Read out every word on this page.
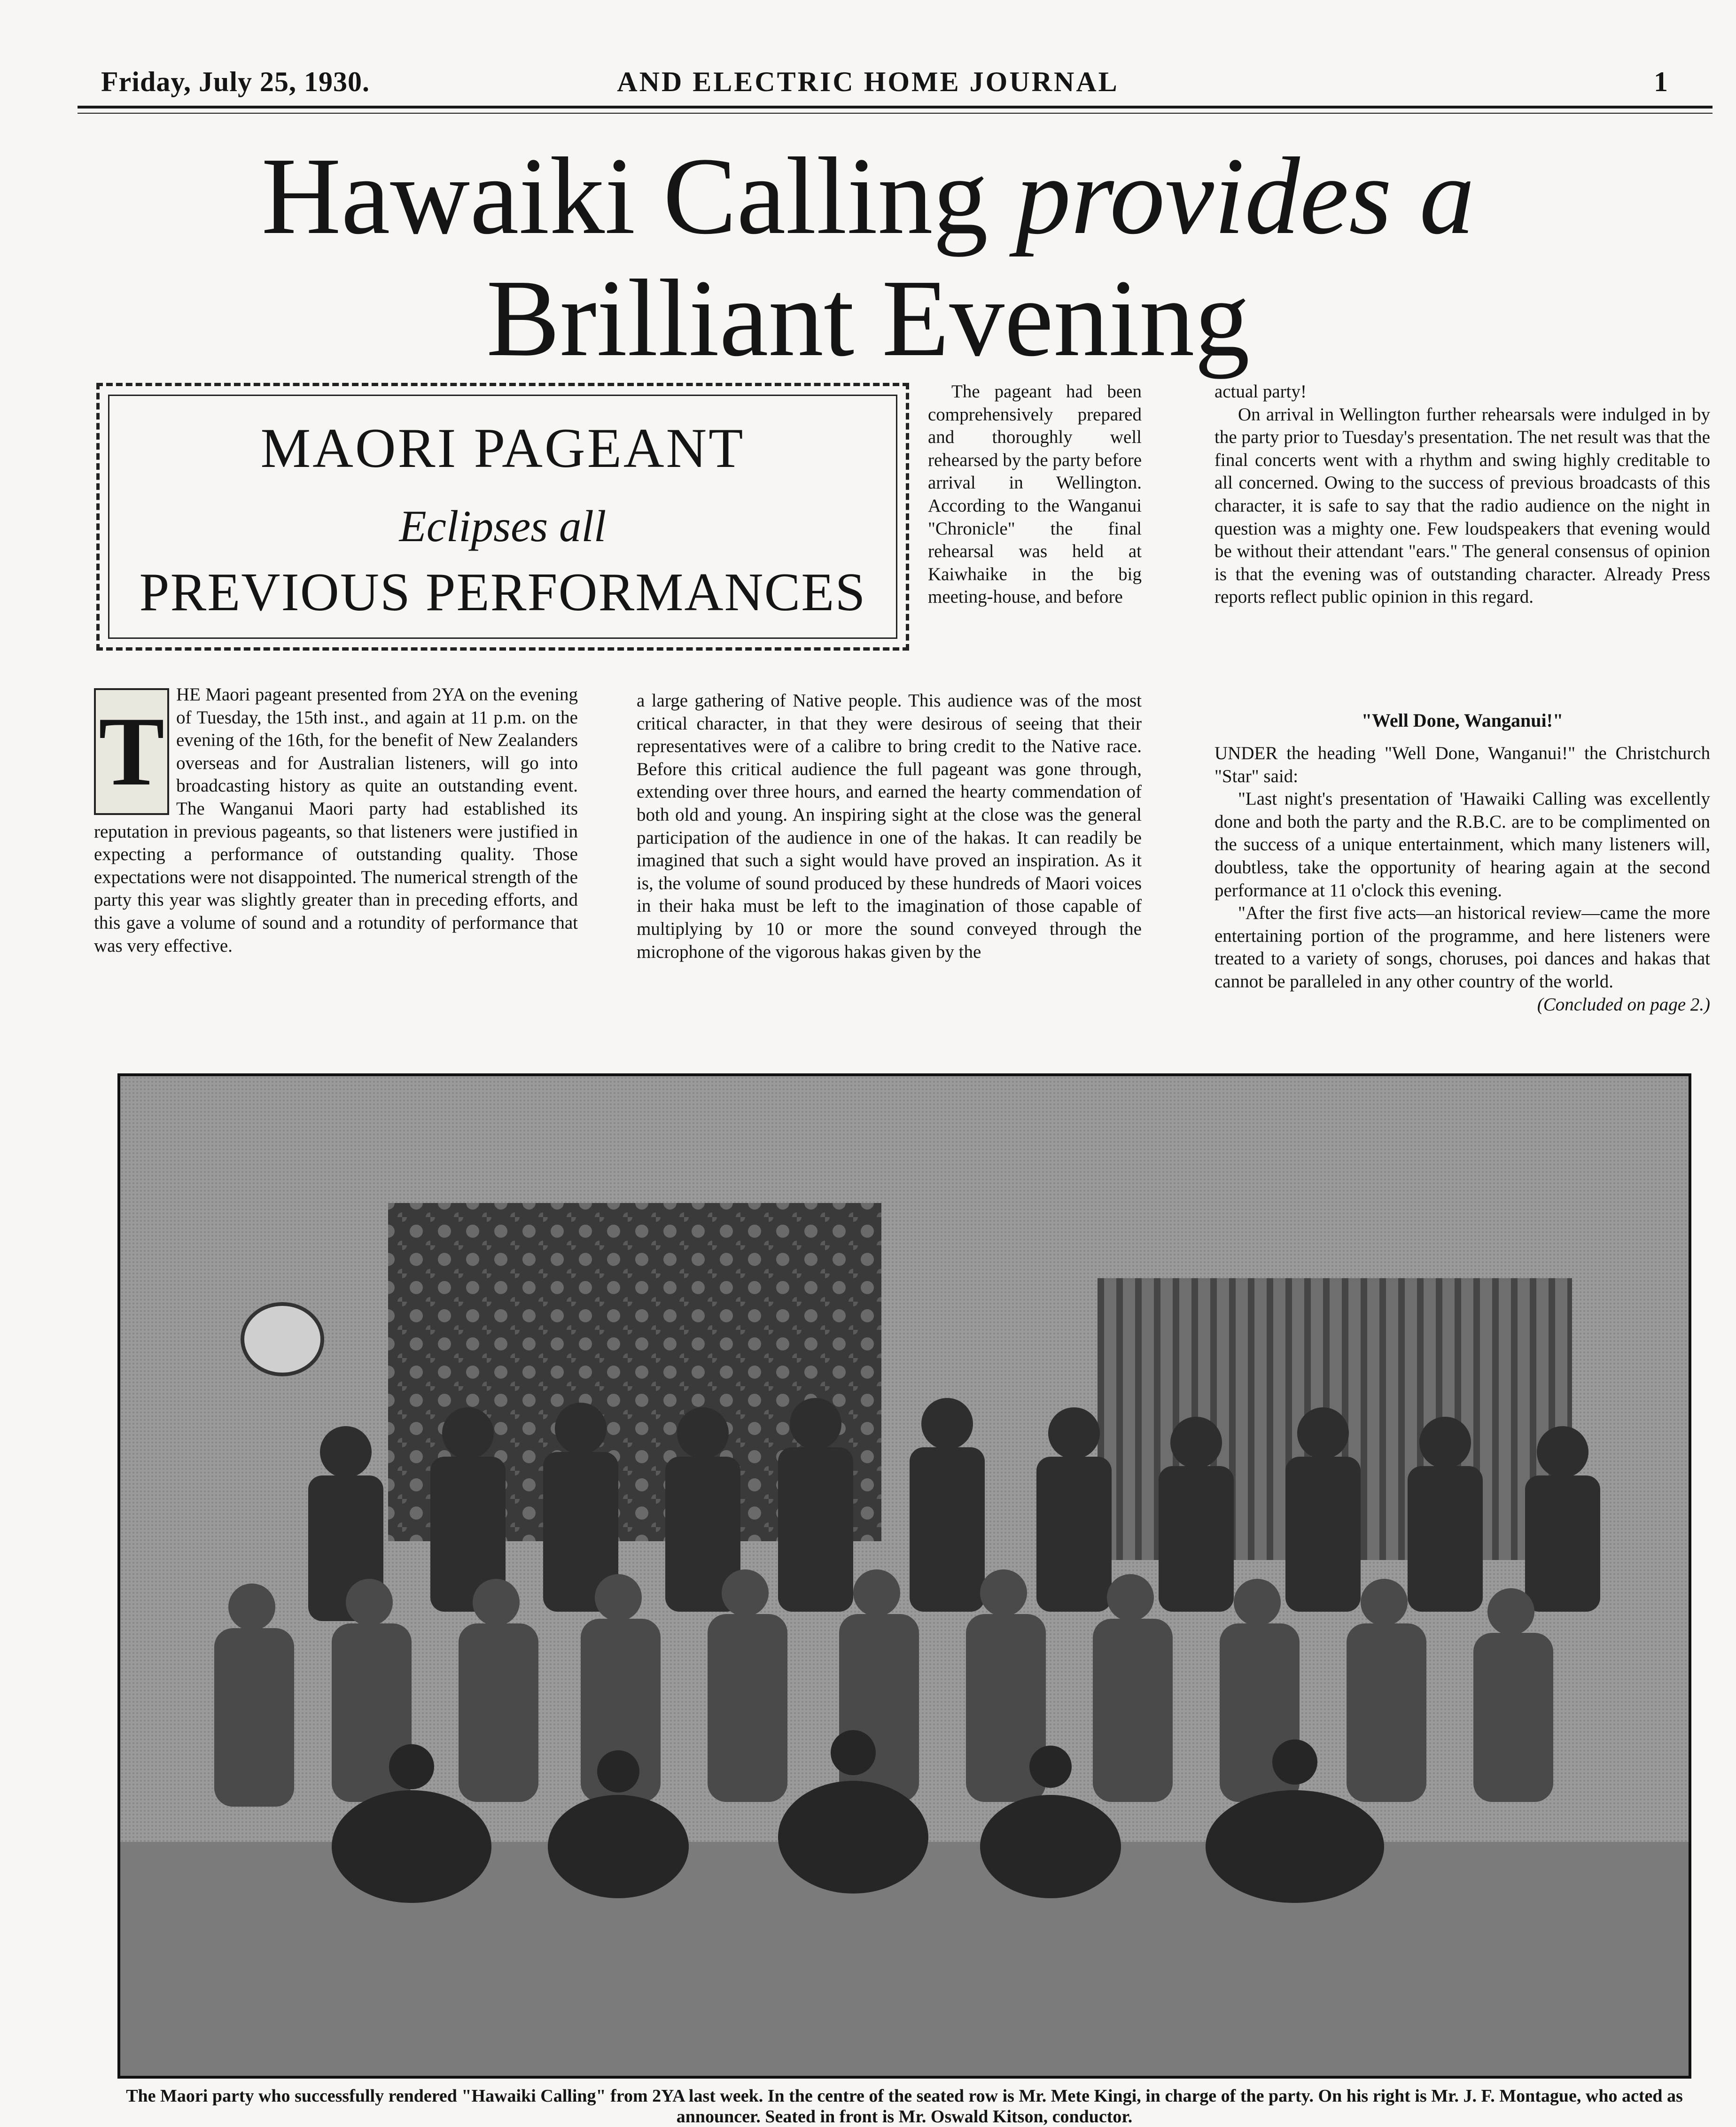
Friday, July 25, 1930.	AND ELECTRIC HOME JOURNAL	1
Hawaiki Calling provides a
Brilliant Evening
MAORI PAGEANT
Eclipses all
PREVIOUS PERFORMANCES
T

HE Maori pageant presented from 2YA on the evening of Tuesday, the 15th inst., and again at 11 p.m. on the evening of the 16th, for the benefit of New Zealanders overseas and for Australian listeners, will go into broadcasting history as quite an outstanding event. The Wanganui Maori party had established its reputation in previous pageants, so that listeners were justified in expecting a performance of outstanding quality. Those expectations were not disappointed. The numerical strength of the party this year was slightly greater than in preceding efforts, and this gave a volume of sound and a rotundity of performance that was very effective.

The pageant had been comprehensively prepared and thoroughly well rehearsed by the party before arrival in Wellington. According to the Wanganui "Chronicle" the final rehearsal was held at Kaiwhaike in the big meeting-house, and before

a large gathering of Native people. This audience was of the most critical character, in that they were desirous of seeing that their representatives were of a calibre to bring credit to the Native race. Before this critical audience the full pageant was gone through, extending over three hours, and earned the hearty commendation of both old and young. An inspiring sight at the close was the general participation of the audience in one of the hakas. It can readily be imagined that such a sight would have proved an inspiration. As it is, the volume of sound produced by these hundreds of Maori voices in their haka must be left to the imagination of those capable of multiplying by 10 or more the sound conveyed through the microphone of the vigorous hakas given by the

actual party!

On arrival in Wellington further rehearsals were indulged in by the party prior to Tuesday's presentation. The net result was that the final concerts went with a rhythm and swing highly creditable to all concerned. Owing to the success of previous broadcasts of this character, it is safe to say that the radio audience on the night in question was a mighty one. Few loudspeakers that evening would be without their attendant "ears." The general consensus of opinion is that the evening was of outstanding character. Already Press reports reflect public opinion in this regard.

"Well Done, Wanganui!"

UNDER the heading "Well Done, Wanganui!" the Christchurch "Star" said:

"Last night's presentation of 'Hawaiki Calling was excellently done and both the party and the R.B.C. are to be complimented on the success of a unique entertainment, which many listeners will, doubtless, take the opportunity of hearing again at the second performance at 11 o'clock this evening.

"After the first five acts—an historical review—came the more entertaining portion of the programme, and here listeners were treated to a variety of songs, choruses, poi dances and hakas that cannot be paralleled in any other country of the world.

(Concluded on page 2.)

The Maori party who successfully rendered "Hawaiki Calling" from 2YA last week. In the centre of the seated row is Mr. Mete Kingi, in charge of the party. On his right is Mr. J. F. Montague, who acted as announcer. Seated in front is Mr. Oswald Kitson, conductor.
